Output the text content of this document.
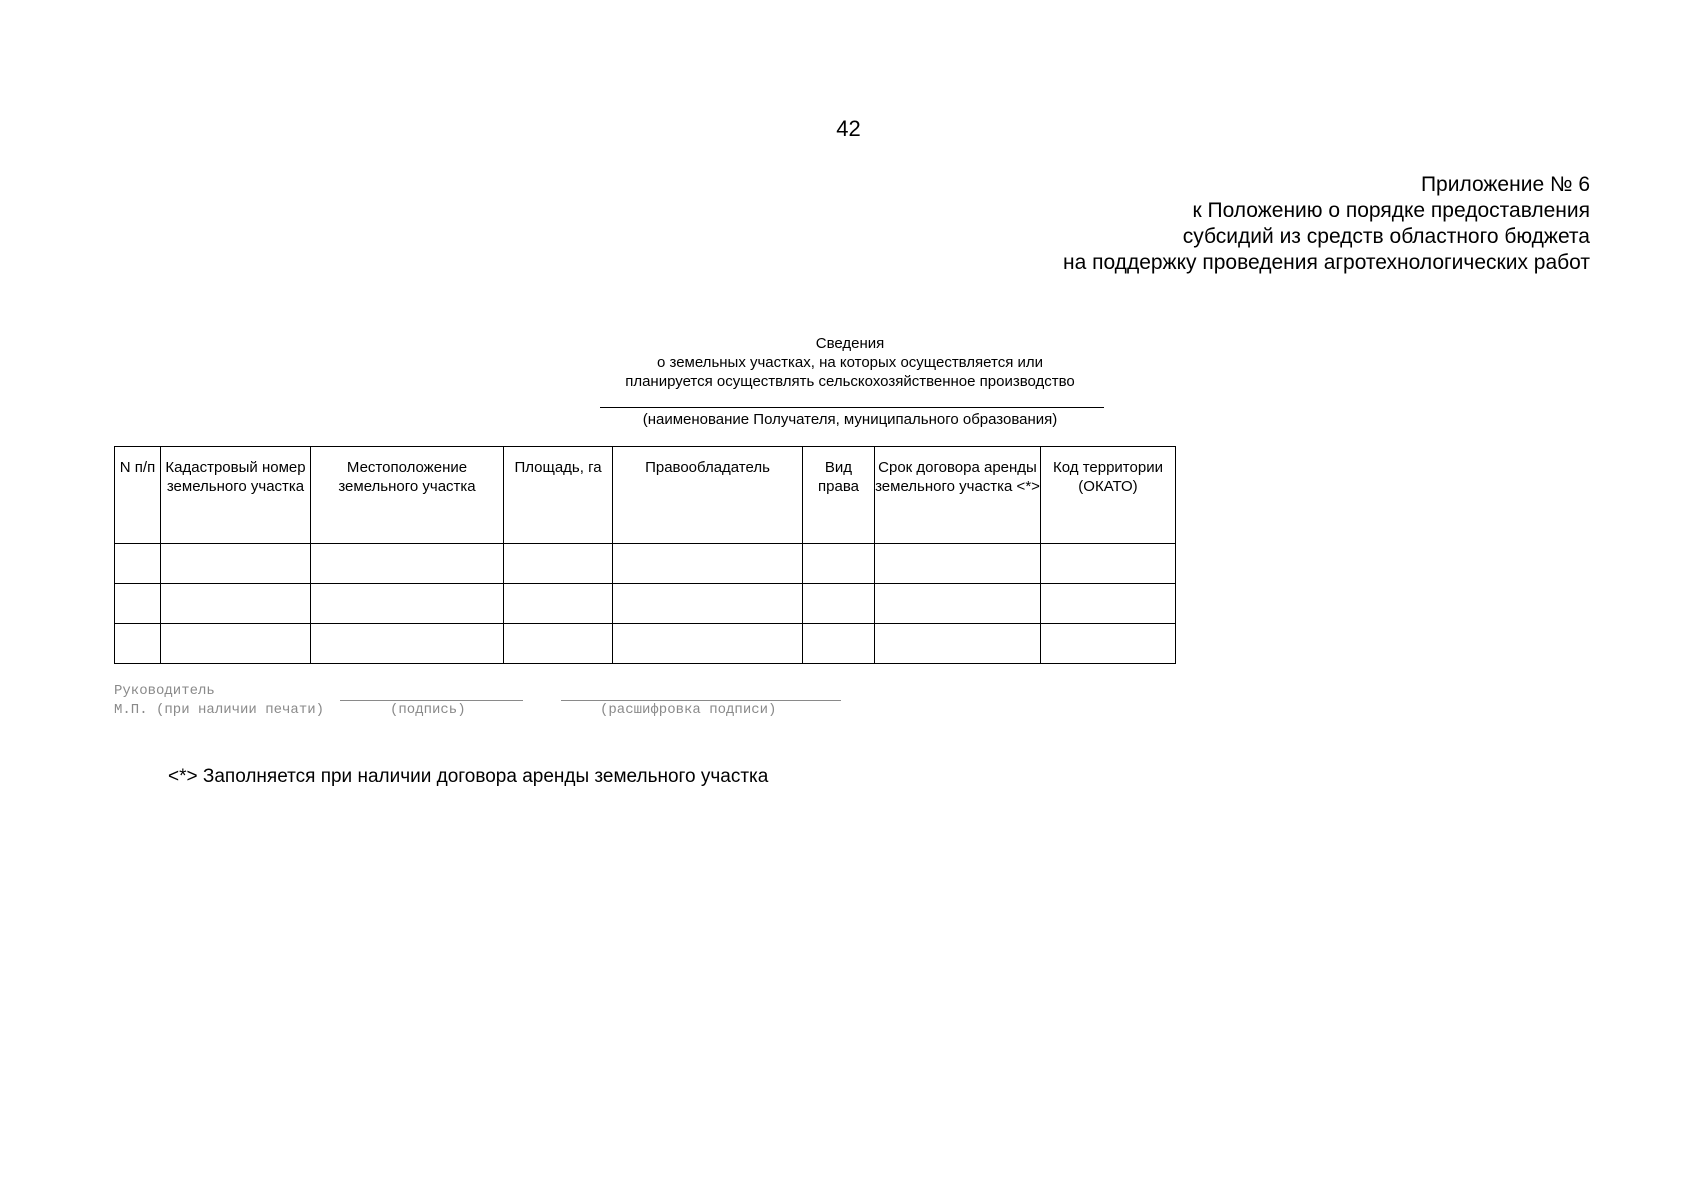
42
Приложение № 6
к Положению о порядке предоставления
субсидий из средств областного бюджета
на поддержку проведения агротехнологических работ
Сведения
о земельных участках, на которых осуществляется или
планируется осуществлять сельскохозяйственное производство
(наименование Получателя, муниципального образования)
N п/п	Кадастровый номер земельного участка	Местоположение земельного участка	Площадь, га	Правообладатель	Вид права	Срок договора аренды земельного участка <*>	Код территории (ОКАТО)

Руководитель
М.П. (при наличии печати)	(подпись)	(расшифровка подписи)
<*> Заполняется при наличии договора аренды земельного участка
